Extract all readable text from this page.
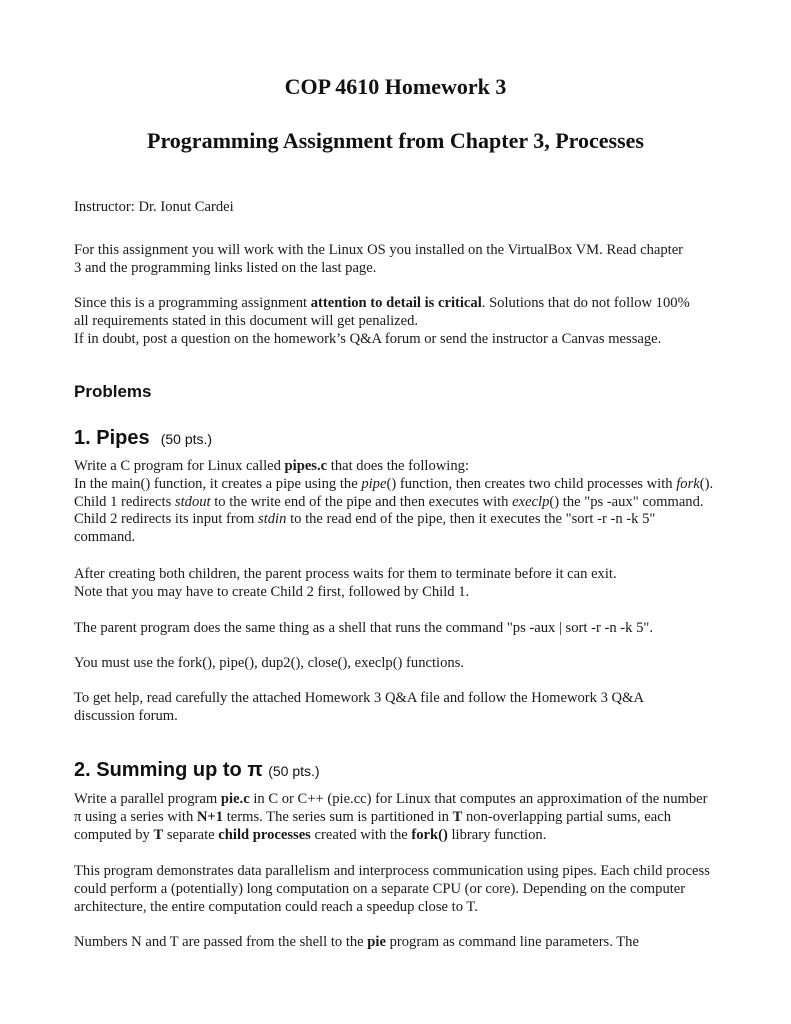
COP 4610 Homework 3
Programming Assignment from Chapter 3, Processes
Instructor: Dr. Ionut Cardei
For this assignment you will work with the Linux OS you installed on the VirtualBox VM. Read chapter 3 and the programming links listed on the last page.

Since this is a programming assignment attention to detail is critical. Solutions that do not follow 100% all requirements stated in this document will get penalized.

If in doubt, post a question on the homework’s Q&A forum or send the instructor a Canvas message.

Problems
1. Pipes (50 pts.)

Write a C program for Linux called pipes.c that does the following:

In the main() function, it creates a pipe using the pipe() function, then creates two child processes with fork(). Child 1 redirects stdout to the write end of the pipe and then executes with execlp() the "ps -aux" command. Child 2 redirects its input from stdin to the read end of the pipe, then it executes the "sort -r -n -k 5" command.

After creating both children, the parent process waits for them to terminate before it can exit.

Note that you may have to create Child 2 first, followed by Child 1.

The parent program does the same thing as a shell that runs the command "ps -aux | sort -r -n -k 5".
You must use the fork(), pipe(), dup2(), close(), execlp() functions.
To get help, read carefully the attached Homework 3 Q&A file and follow the Homework 3 Q&A discussion forum.
2. Summing up to π (50 pts.)

Write a parallel program pie.c in C or C++ (pie.cc) for Linux that computes an approximation of the number π using a series with N+1 terms. The series sum is partitioned in T non-overlapping partial sums, each computed by T separate child processes created with the fork() library function.

This program demonstrates data parallelism and interprocess communication using pipes. Each child process could perform a (potentially) long computation on a separate CPU (or core). Depending on the computer architecture, the entire computation could reach a speedup close to T.

Numbers N and T are passed from the shell to the pie program as command line parameters. The
